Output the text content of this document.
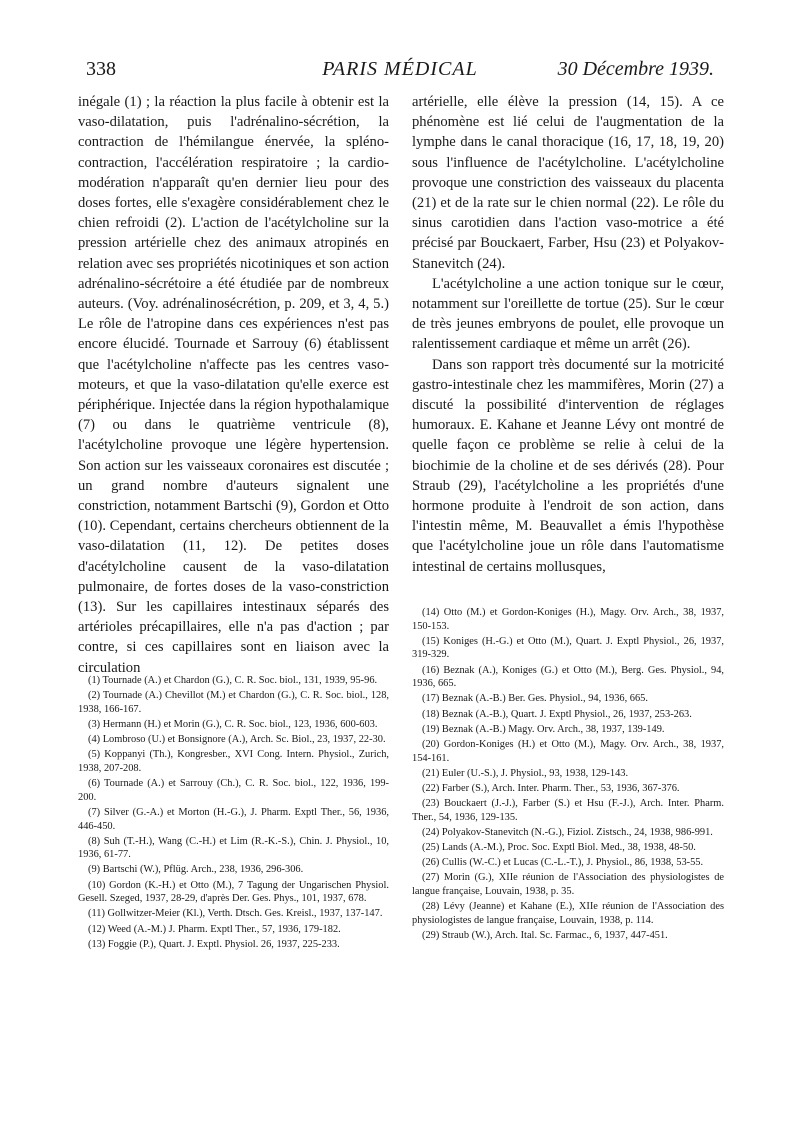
338	PARIS MÉDICAL	30 Décembre 1939.

inégale (1) ; la réaction la plus facile à obtenir est la vaso-dilatation, puis l'adrénalino-sécrétion, la contraction de l'hémilangue énervée, la spléno-contraction, l'accélération respiratoire ; la cardio-modération n'apparaît qu'en dernier lieu pour des doses fortes, elle s'exagère considérablement chez le chien refroidi (2). L'action de l'acétylcholine sur la pression artérielle chez des animaux atropinés en relation avec ses propriétés nicotiniques et son action adrénalino-sécrétoire a été étudiée par de nombreux auteurs. (Voy. adrénalinosécrétion, p. 209, et 3, 4, 5.) Le rôle de l'atropine dans ces expériences n'est pas encore élucidé. Tournade et Sarrouy (6) établissent que l'acétylcholine n'affecte pas les centres vaso-moteurs, et que la vaso-dilatation qu'elle exerce est périphérique. Injectée dans la région hypothalamique (7) ou dans le quatrième ventricule (8), l'acétylcholine provoque une légère hypertension. Son action sur les vaisseaux coronaires est discutée ; un grand nombre d'auteurs signalent une constriction, notamment Bartschi (9), Gordon et Otto (10). Cependant, certains chercheurs obtiennent de la vaso-dilatation (11, 12). De petites doses d'acétylcholine causent de la vaso-dilatation pulmonaire, de fortes doses de la vaso-constriction (13). Sur les capillaires intestinaux séparés des artérioles précapillaires, elle n'a pas d'action ; par contre, si ces capillaires sont en liaison avec la circulation

artérielle, elle élève la pression (14, 15). A ce phénomène est lié celui de l'augmentation de la lymphe dans le canal thoracique (16, 17, 18, 19, 20) sous l'influence de l'acétylcholine. L'acétylcholine provoque une constriction des vaisseaux du placenta (21) et de la rate sur le chien normal (22). Le rôle du sinus carotidien dans l'action vaso-motrice a été précisé par Bouckaert, Farber, Hsu (23) et Polyakov-Stanevitch (24).

L'acétylcholine a une action tonique sur le cœur, notamment sur l'oreillette de tortue (25). Sur le cœur de très jeunes embryons de poulet, elle provoque un ralentissement cardiaque et même un arrêt (26).

Dans son rapport très documenté sur la motricité gastro-intestinale chez les mammifères, Morin (27) a discuté la possibilité d'intervention de réglages humoraux. E. Kahane et Jeanne Lévy ont montré de quelle façon ce problème se relie à celui de la biochimie de la choline et de ses dérivés (28). Pour Straub (29), l'acétylcholine a les propriétés d'une hormone produite à l'endroit de son action, dans l'intestin même, M. Beauvallet a émis l'hypothèse que l'acétylcholine joue un rôle dans l'automatisme intestinal de certains mollusques,

(1) Tournade (A.) et Chardon (G.), C. R. Soc. biol., 131, 1939, 95-96.
(2) Tournade (A.) Chevillot (M.) et Chardon (G.), C. R. Soc. biol., 128, 1938, 166-167.
(3) Hermann (H.) et Morin (G.), C. R. Soc. biol., 123, 1936, 600-603.
(4) Lombroso (U.) et Bonsignore (A.), Arch. Sc. Biol., 23, 1937, 22-30.
(5) Koppanyi (Th.), Kongresber., XVI Cong. Intern. Physiol., Zurich, 1938, 207-208.
(6) Tournade (A.) et Sarrouy (Ch.), C. R. Soc. biol., 122, 1936, 199-200.
(7) Silver (G.-A.) et Morton (H.-G.), J. Pharm. Exptl Ther., 56, 1936, 446-450.
(8) Suh (T.-H.), Wang (C.-H.) et Lim (R.-K.-S.), Chin. J. Physiol., 10, 1936, 61-77.
(9) Bartschi (W.), Pflüg. Arch., 238, 1936, 296-306.
(10) Gordon (K.-H.) et Otto (M.), 7 Tagung der Ungarischen Physiol. Gesell. Szeged, 1937, 28-29, d'après Der. Ges. Phys., 101, 1937, 678.
(11) Gollwitzer-Meier (Kl.), Verth. Dtsch. Ges. Kreisl., 1937, 137-147.
(12) Weed (A.-M.) J. Pharm. Exptl Ther., 57, 1936, 179-182.
(13) Foggie (P.), Quart. J. Exptl. Physiol. 26, 1937, 225-233.
(14) Otto (M.) et Gordon-Koniges (H.), Magy. Orv. Arch., 38, 1937, 150-153.
(15) Koniges (H.-G.) et Otto (M.), Quart. J. Exptl Physiol., 26, 1937, 319-329.
(16) Beznak (A.), Koniges (G.) et Otto (M.), Berg. Ges. Physiol., 94, 1936, 665.
(17) Beznak (A.-B.) Ber. Ges. Physiol., 94, 1936, 665.
(18) Beznak (A.-B.), Quart. J. Exptl Physiol., 26, 1937, 253-263.
(19) Beznak (A.-B.) Magy. Orv. Arch., 38, 1937, 139-149.
(20) Gordon-Koniges (H.) et Otto (M.), Magy. Orv. Arch., 38, 1937, 154-161.
(21) Euler (U.-S.), J. Physiol., 93, 1938, 129-143.
(22) Farber (S.), Arch. Inter. Pharm. Ther., 53, 1936, 367-376.
(23) Bouckaert (J.-J.), Farber (S.) et Hsu (F.-J.), Arch. Inter. Pharm. Ther., 54, 1936, 129-135.
(24) Polyakov-Stanevitch (N.-G.), Fiziol. Zistsch., 24, 1938, 986-991.
(25) Lands (A.-M.), Proc. Soc. Exptl Biol. Med., 38, 1938, 48-50.
(26) Cullis (W.-C.) et Lucas (C.-L.-T.), J. Physiol., 86, 1938, 53-55.
(27) Morin (G.), XIIe réunion de l'Association des physiologistes de langue française, Louvain, 1938, p. 35.
(28) Lévy (Jeanne) et Kahane (E.), XIIe réunion de l'Association des physiologistes de langue française, Louvain, 1938, p. 114.
(29) Straub (W.), Arch. Ital. Sc. Farmac., 6, 1937, 447-451.
